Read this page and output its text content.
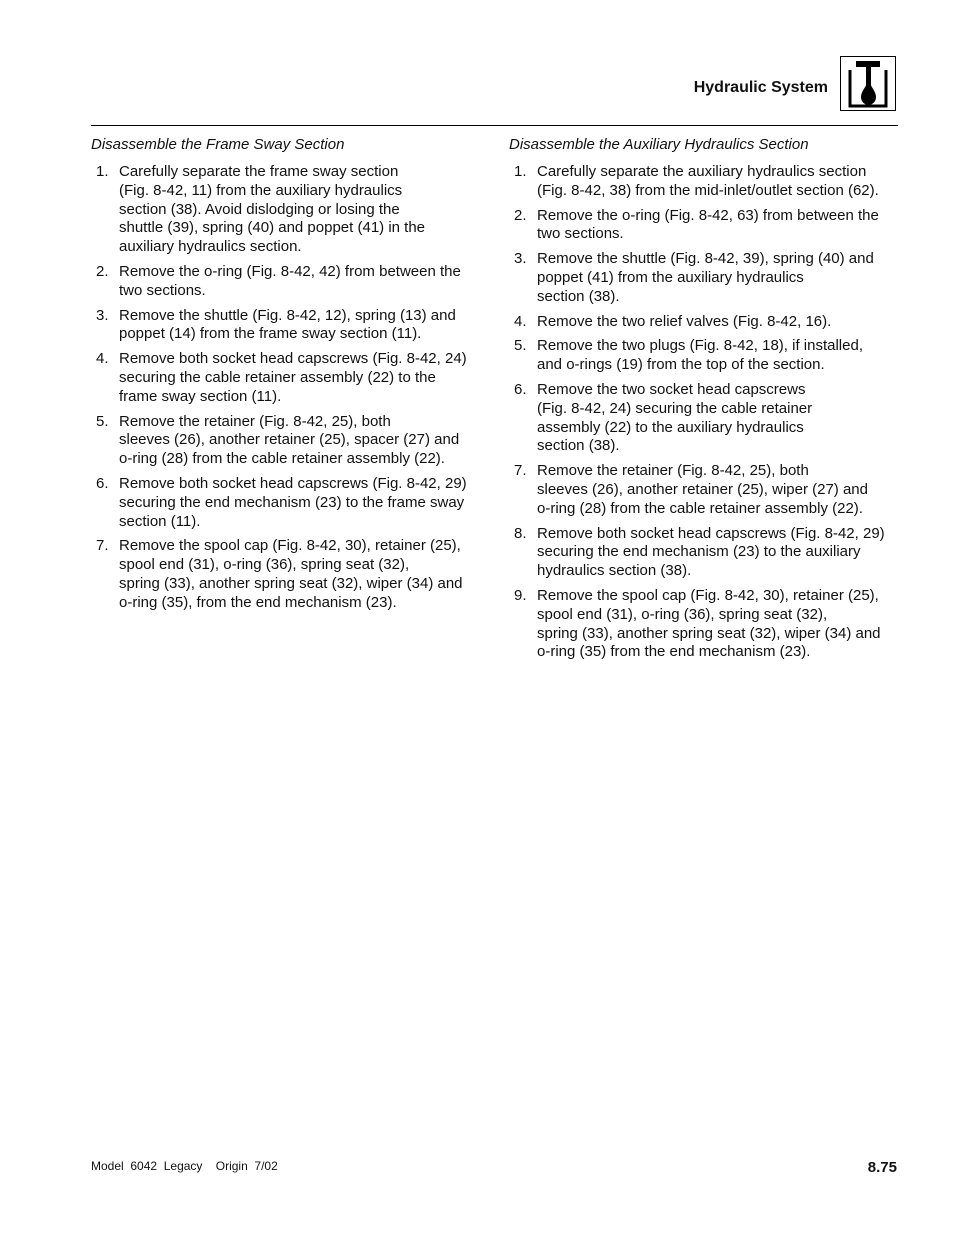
Hydraulic System
Disassemble the Frame Sway Section
1. Carefully separate the frame sway section
(Fig. 8-42, 11) from the auxiliary hydraulics
section (38). Avoid dislodging or losing the
shuttle (39), spring (40) and poppet (41) in the
auxiliary hydraulics section.
2. Remove the o-ring (Fig. 8-42, 42) from between the
two sections.
3. Remove the shuttle (Fig. 8-42, 12), spring (13) and
poppet (14) from the frame sway section (11).
4. Remove both socket head capscrews (Fig. 8-42, 24)
securing the cable retainer assembly (22) to the
frame sway section (11).
5. Remove the retainer (Fig. 8-42, 25), both
sleeves (26), another retainer (25), spacer (27) and
o-ring (28) from the cable retainer assembly (22).
6. Remove both socket head capscrews (Fig. 8-42, 29)
securing the end mechanism (23) to the frame sway
section (11).
7. Remove the spool cap (Fig. 8-42, 30), retainer (25),
spool end (31), o-ring (36), spring seat (32),
spring (33), another spring seat (32), wiper (34) and
o-ring (35), from the end mechanism (23).
Disassemble the Auxiliary Hydraulics Section
1. Carefully separate the auxiliary hydraulics section
(Fig. 8-42, 38) from the mid-inlet/outlet section (62).
2. Remove the o-ring (Fig. 8-42, 63) from between the
two sections.
3. Remove the shuttle (Fig. 8-42, 39), spring (40) and
poppet (41) from the auxiliary hydraulics
section (38).
4. Remove the two relief valves (Fig. 8-42, 16).
5. Remove the two plugs (Fig. 8-42, 18), if installed,
and o-rings (19) from the top of the section.
6. Remove the two socket head capscrews
(Fig. 8-42, 24) securing the cable retainer
assembly (22) to the auxiliary hydraulics
section (38).
7. Remove the retainer (Fig. 8-42, 25), both
sleeves (26), another retainer (25), wiper (27) and
o-ring (28) from the cable retainer assembly (22).
8. Remove both socket head capscrews (Fig. 8-42, 29)
securing the end mechanism (23) to the auxiliary
hydraulics section (38).
9. Remove the spool cap (Fig. 8-42, 30), retainer (25),
spool end (31), o-ring (36), spring seat (32),
spring (33), another spring seat (32), wiper (34) and
o-ring (35) from the end mechanism (23).
Model  6042  Legacy    Origin  7/02	8.75
